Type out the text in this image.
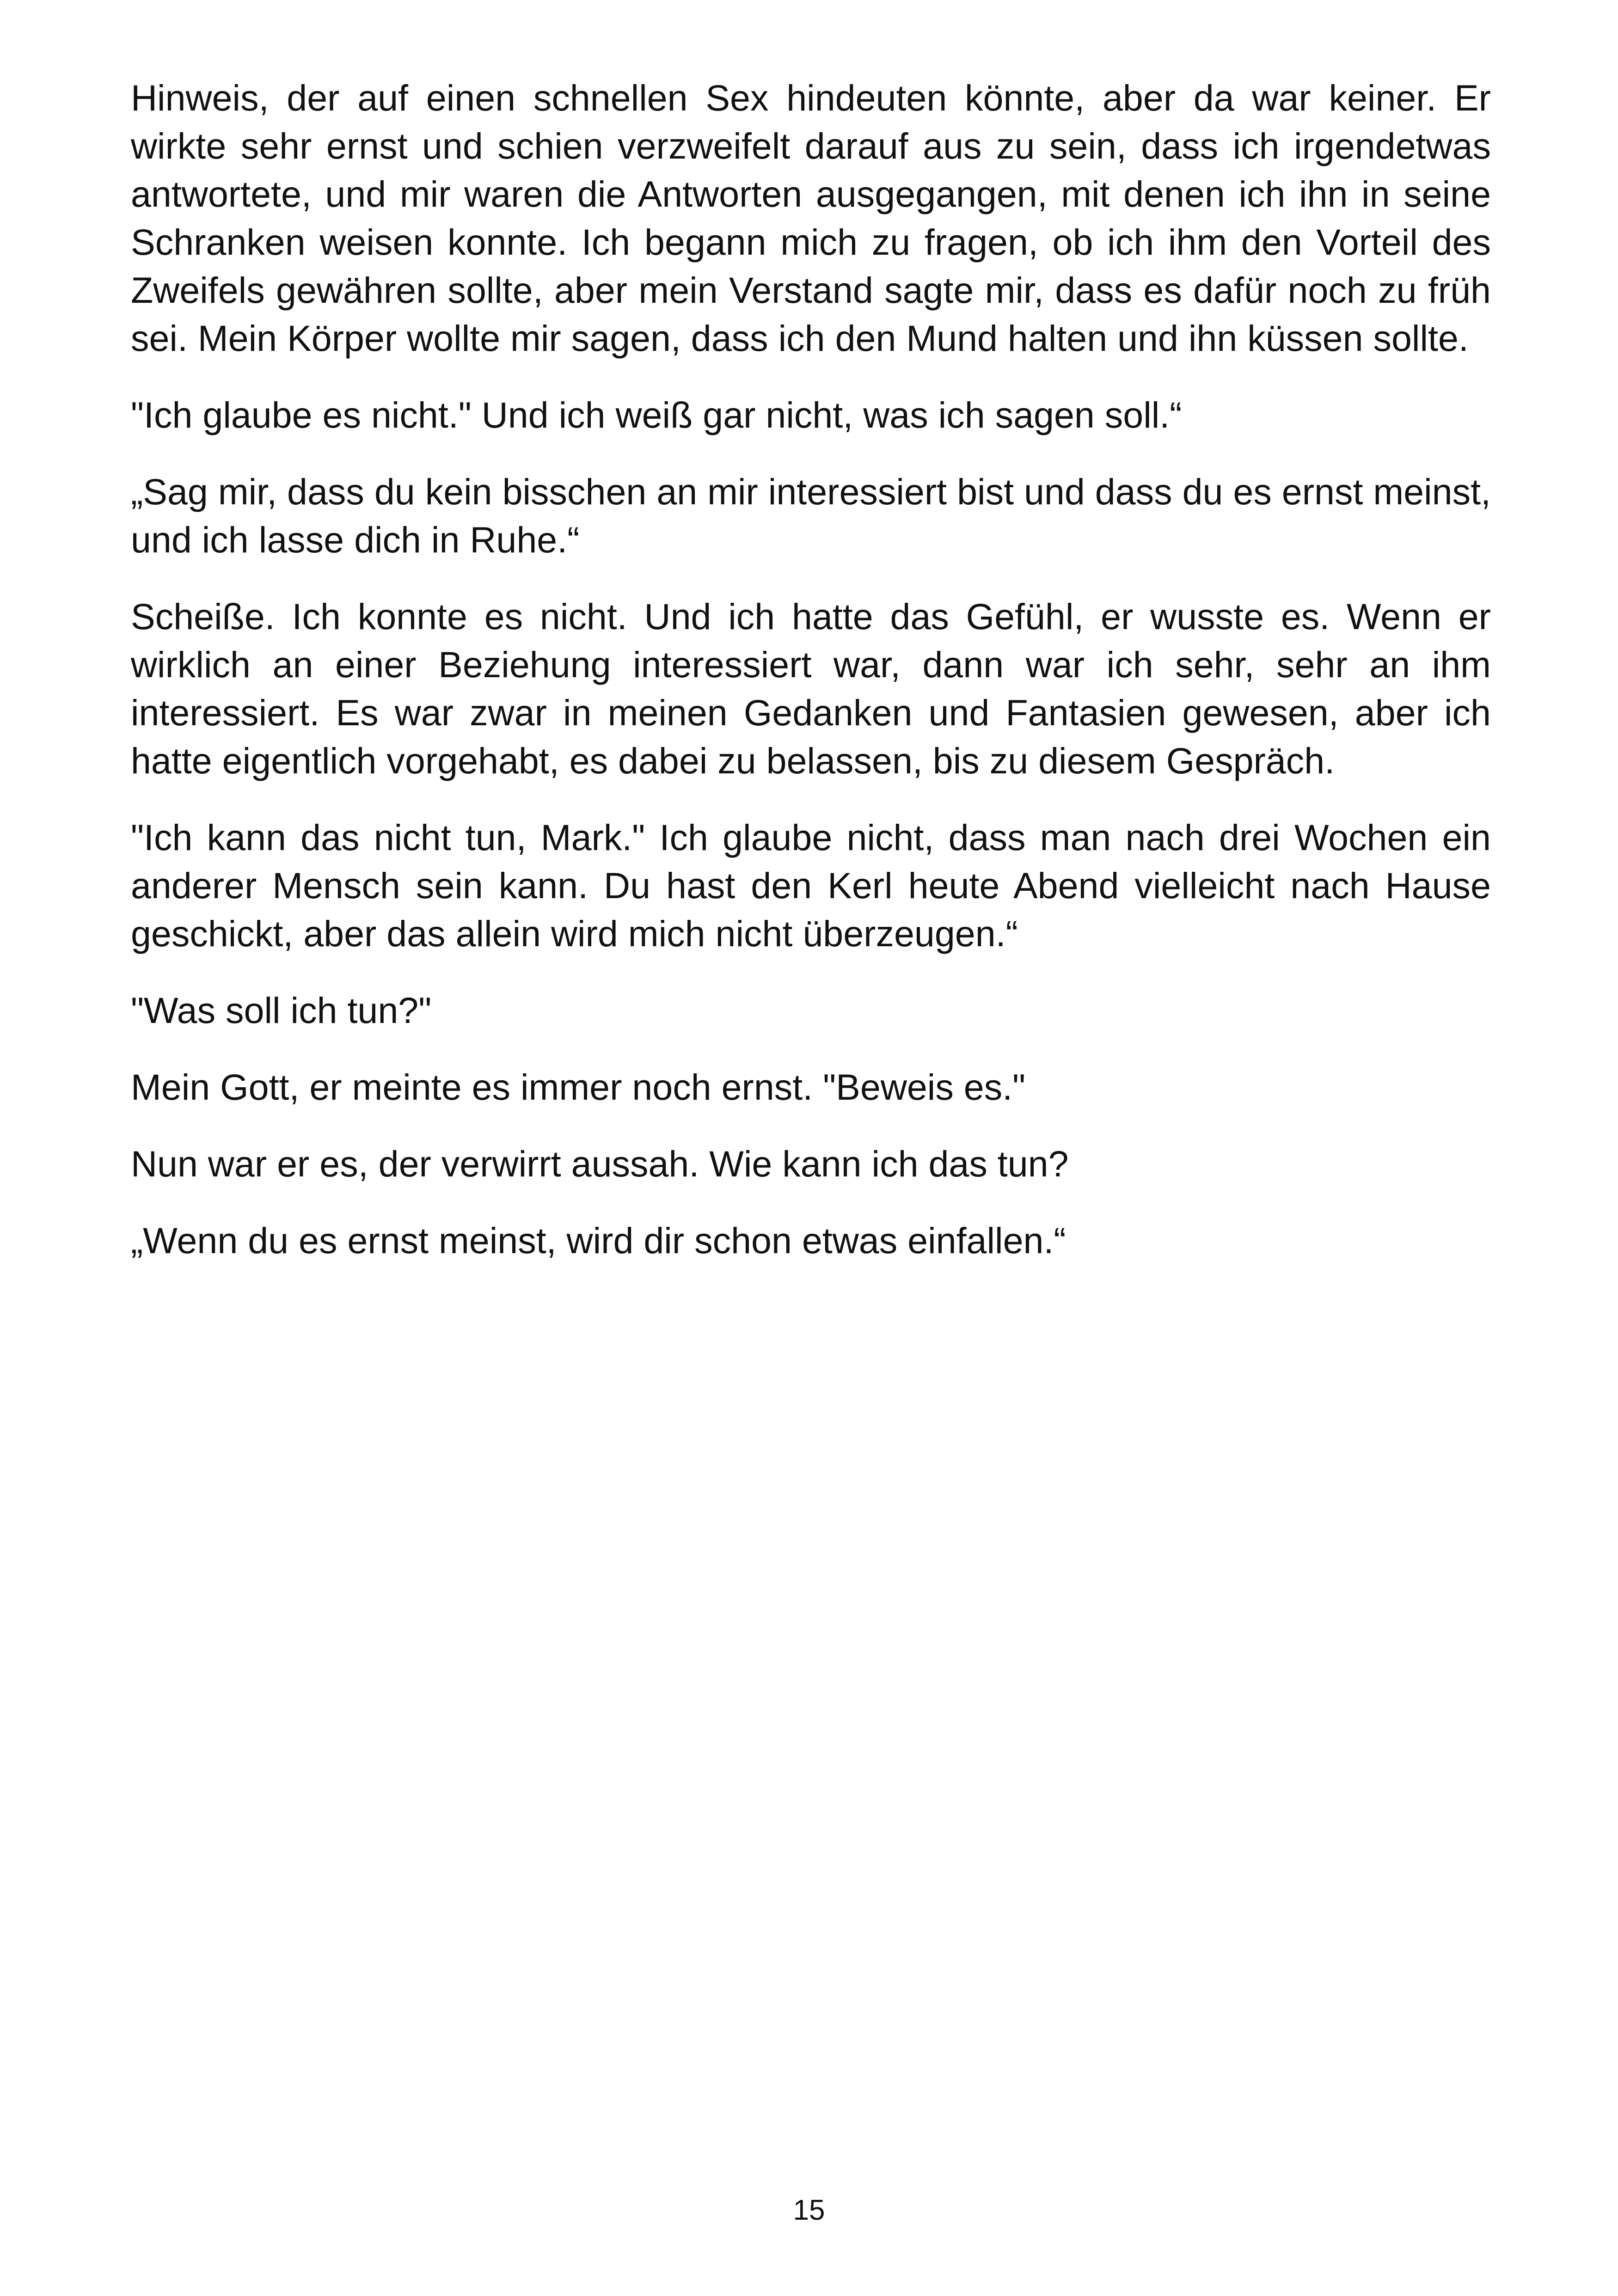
Hinweis, der auf einen schnellen Sex hindeuten könnte, aber da war keiner. Er wirkte sehr ernst und schien verzweifelt darauf aus zu sein, dass ich irgendetwas antwortete, und mir waren die Antworten ausgegangen, mit denen ich ihn in seine Schranken weisen konnte. Ich begann mich zu fragen, ob ich ihm den Vorteil des Zweifels gewähren sollte, aber mein Verstand sagte mir, dass es dafür noch zu früh sei. Mein Körper wollte mir sagen, dass ich den Mund halten und ihn küssen sollte.

"Ich glaube es nicht." Und ich weiß gar nicht, was ich sagen soll.“

„Sag mir, dass du kein bisschen an mir interessiert bist und dass du es ernst meinst, und ich lasse dich in Ruhe.“

Scheiße. Ich konnte es nicht. Und ich hatte das Gefühl, er wusste es. Wenn er wirklich an einer Beziehung interessiert war, dann war ich sehr, sehr an ihm interessiert. Es war zwar in meinen Gedanken und Fantasien gewesen, aber ich hatte eigentlich vorgehabt, es dabei zu belassen, bis zu diesem Gespräch.

"Ich kann das nicht tun, Mark." Ich glaube nicht, dass man nach drei Wochen ein anderer Mensch sein kann. Du hast den Kerl heute Abend vielleicht nach Hause geschickt, aber das allein wird mich nicht überzeugen.“

"Was soll ich tun?"

Mein Gott, er meinte es immer noch ernst. "Beweis es."

Nun war er es, der verwirrt aussah. Wie kann ich das tun?

„Wenn du es ernst meinst, wird dir schon etwas einfallen.“

15
